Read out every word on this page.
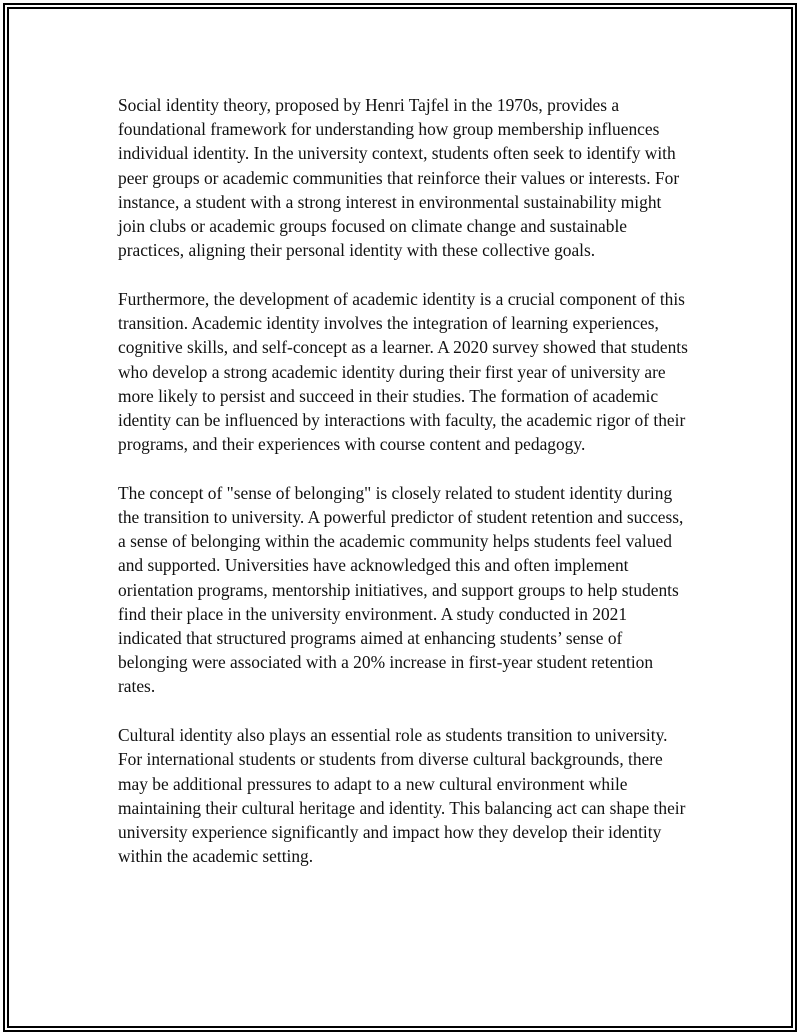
Social identity theory, proposed by Henri Tajfel in the 1970s, provides a foundational framework for understanding how group membership influences individual identity. In the university context, students often seek to identify with peer groups or academic communities that reinforce their values or interests. For instance, a student with a strong interest in environmental sustainability might join clubs or academic groups focused on climate change and sustainable practices, aligning their personal identity with these collective goals.

Furthermore, the development of academic identity is a crucial component of this transition. Academic identity involves the integration of learning experiences, cognitive skills, and self-concept as a learner. A 2020 survey showed that students who develop a strong academic identity during their first year of university are more likely to persist and succeed in their studies. The formation of academic identity can be influenced by interactions with faculty, the academic rigor of their programs, and their experiences with course content and pedagogy.

The concept of "sense of belonging" is closely related to student identity during the transition to university. A powerful predictor of student retention and success, a sense of belonging within the academic community helps students feel valued and supported. Universities have acknowledged this and often implement orientation programs, mentorship initiatives, and support groups to help students find their place in the university environment. A study conducted in 2021 indicated that structured programs aimed at enhancing students’ sense of belonging were associated with a 20% increase in first-year student retention rates.

Cultural identity also plays an essential role as students transition to university. For international students or students from diverse cultural backgrounds, there may be additional pressures to adapt to a new cultural environment while maintaining their cultural heritage and identity. This balancing act can shape their university experience significantly and impact how they develop their identity within the academic setting.
